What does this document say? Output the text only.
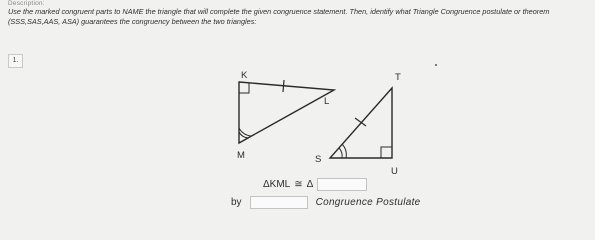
Description:
Use the marked congruent parts to NAME the triangle that will complete the given congruence statement. Then, identify what Triangle Congruence postulate or theorem (SSS,SAS,AAS, ASA) guarantees the congruency between the two triangles:
1.
K
M
L
T
S
U
ΔKML ≅ Δ
by	Congruence Postulate
